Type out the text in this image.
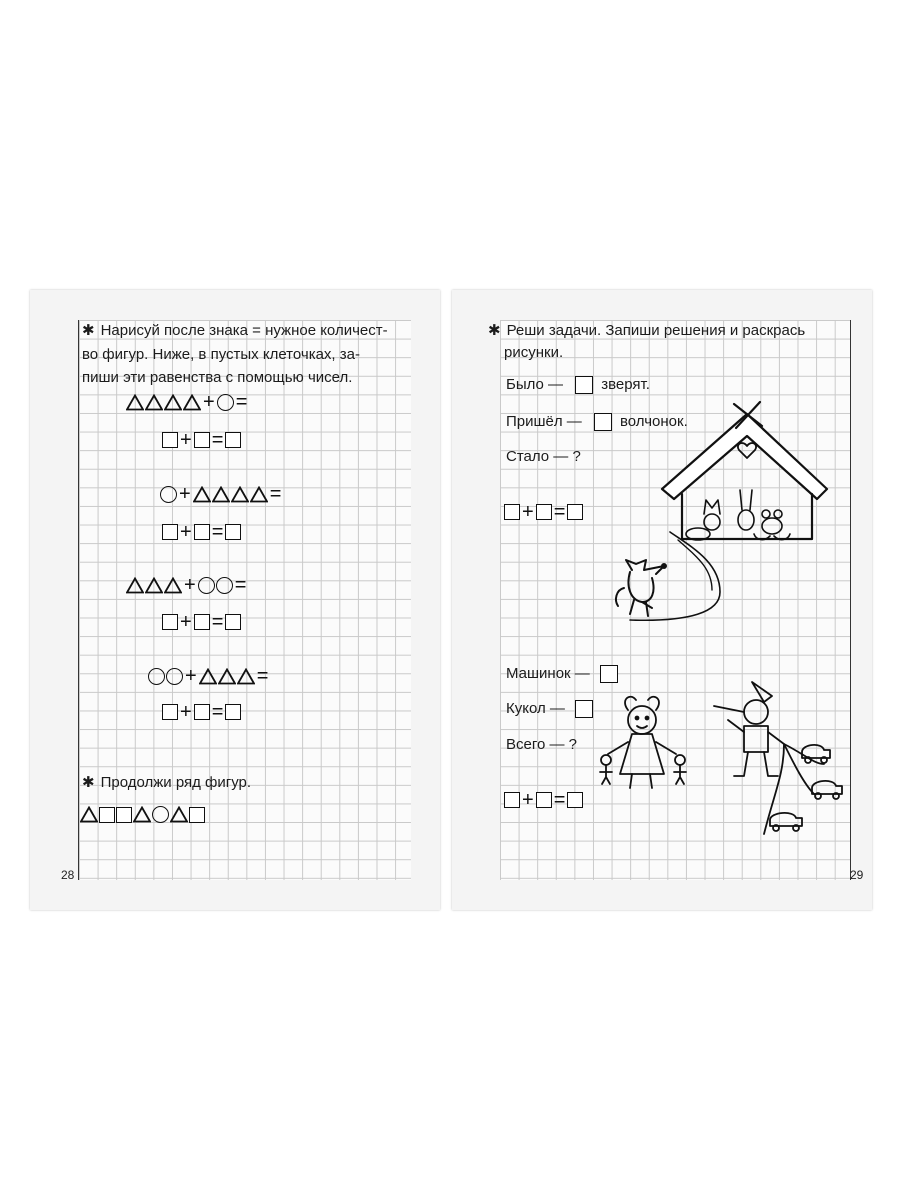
✱ Нарисуй после знака = нужное количест-
во фигур. Ниже, в пустых клеточках, за-
пиши эти равенства с помощью чисел.
+ =
+ =
+	=
+ =
+ =
+ =
+	=
+ =
✱ Продолжи ряд фигур.
28
✱ Реши задачи. Запиши решения и раскрась
рисунки.
Было —	зверят.
Пришёл —	волчонок.
Стало — ?
+ =
Машинок —
Кукол —
Всего — ?
+ =
29
